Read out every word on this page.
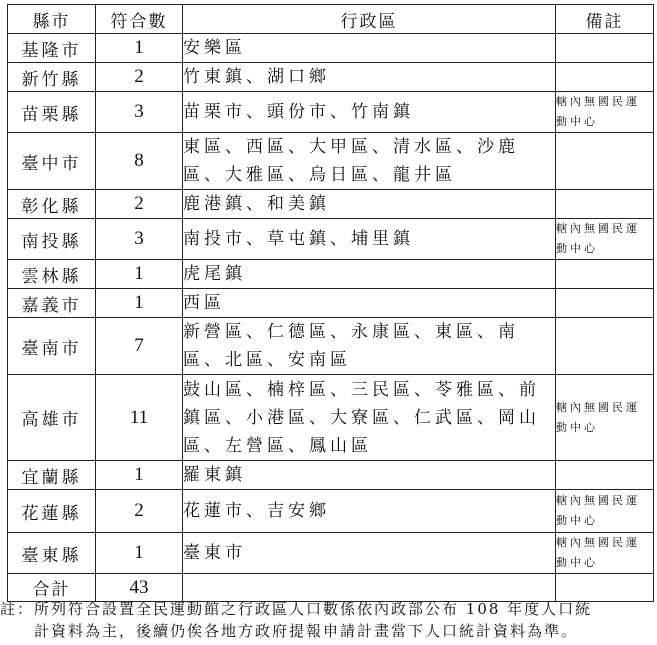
縣市	符合數	行政區	備註
基隆市	1	安樂區	
新竹縣	2	竹東鎮、湖口鄉	
苗栗縣	3	苗栗市、頭份市、竹南鎮	轄內無國民運動中心
臺中市	8	東區、西區、大甲區、清水區、沙鹿區、大雅區、烏日區、龍井區	
彰化縣	2	鹿港鎮、和美鎮	
南投縣	3	南投市、草屯鎮、埔里鎮	轄內無國民運動中心
雲林縣	1	虎尾鎮	
嘉義市	1	西區	
臺南市	7	新營區、仁德區、永康區、東區、南區、北區、安南區	
高雄市	11	鼓山區、楠梓區、三民區、苓雅區、前鎮區、小港區、大寮區、仁武區、岡山區、左營區、鳳山區	轄內無國民運動中心
宜蘭縣	1	羅東鎮	
花蓮縣	2	花蓮市、吉安鄉	轄內無國民運動中心
臺東縣	1	臺東市	轄內無國民運動中心
合計	43		
註：所列符合設置全民運動館之行政區人口數係依內政部公布 108 年度人口統
計資料為主，後續仍俟各地方政府提報申請計畫當下人口統計資料為準。
